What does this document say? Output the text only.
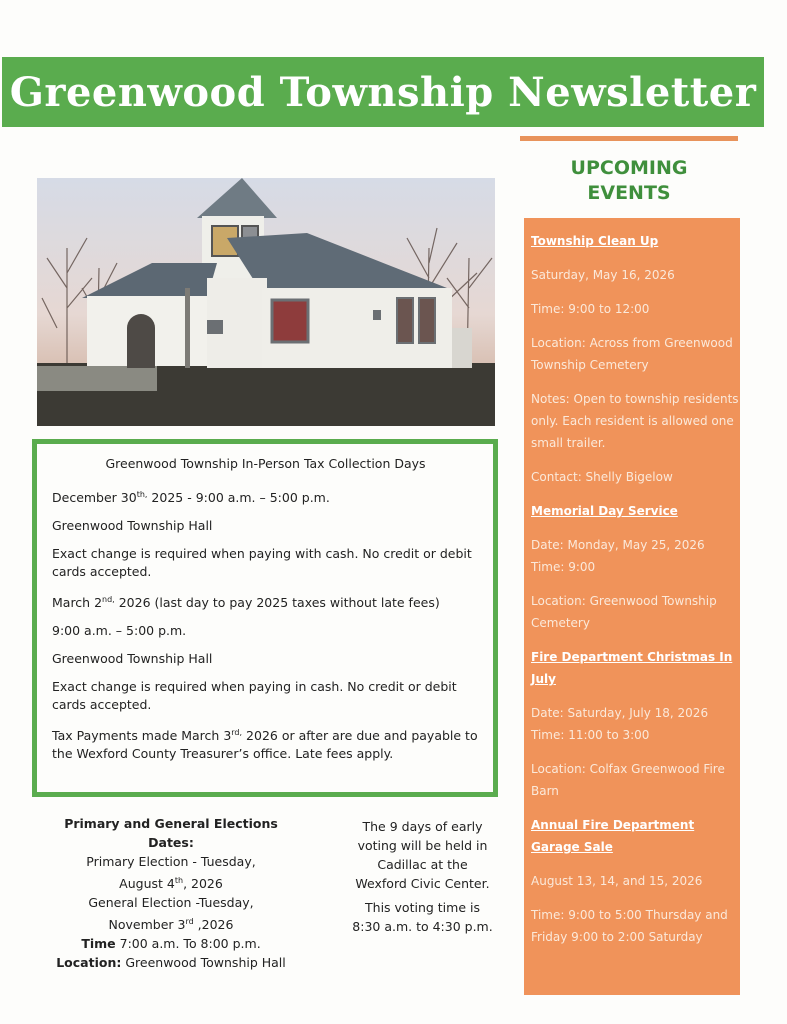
Greenwood Township Newsletter
UPCOMING
EVENTS

Township Clean Up

Saturday, May 16, 2026

Time: 9:00 to 12:00

Location: Across from Greenwood Township Cemetery

Notes: Open to township residents only. Each resident is allowed one small trailer.

Contact: Shelly Bigelow

Memorial Day Service

Date: Monday, May 25, 2026

Time: 9:00

Location: Greenwood Township Cemetery

Fire Department Christmas In July

Date: Saturday, July 18, 2026

Time: 11:00 to 3:00

Location: Colfax Greenwood Fire Barn

Annual Fire Department Garage Sale

August 13, 14, and 15, 2026

Time: 9:00 to 5:00 Thursday and Friday 9:00 to 2:00 Saturday

Greenwood Township In-Person Tax Collection Days

December $30^{th,}$ 2025 - 9:00 a.m. – 5:00 p.m.

Greenwood Township Hall

Exact change is required when paying with cash. No credit or debit cards accepted.

March $2^{nd,}$ 2026 (last day to pay 2025 taxes without late fees)

9:00 a.m. – 5:00 p.m.

Greenwood Township Hall

Exact change is required when paying in cash. No credit or debit cards accepted.

Tax Payments made March $3^{rd,}$ 2026 or after are due and payable to the Wexford County Treasurer’s office. Late fees apply.

Primary and General Elections
Dates:
Primary Election - Tuesday,
August 4th, 2026
General Election -Tuesday,
November 3rd ,2026
Time 7:00 a.m. To 8:00 p.m.
Location: Greenwood Township Hall

The 9 days of early voting will be held in Cadillac at the Wexford Civic Center.

This voting time is 8:30 a.m. to 4:30 p.m.
